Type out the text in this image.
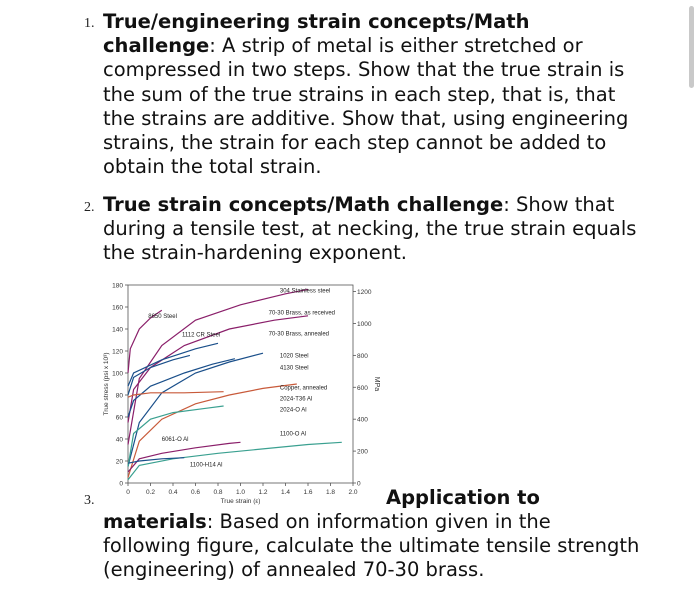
1. True/engineering strain concepts/Math challenge: A strip of metal is either stretched or compressed in two steps. Show that the true strain is the sum of the true strains in each step, that is, that the strains are additive. Show that, using engineering strains, the strain for each step cannot be added to obtain the total strain.

2. True strain concepts/Math challenge: Show that during a tensile test, at necking, the true strain equals the strain-hardening exponent.

304 Stainless steel
70-30 Brass, as received
8650 Steel
1112 CR Steel	70-30 Brass, annealed
1020 Steel
4130 Steel
Copper, annealed
2024-T36 Al
2024-O Al
1100-O Al
6061-O Al
1100-H14 Al
0
20
40
60
80
100
120
140
160
180
0 0.2 0.4 0.6 0.8 1.0 1.2 1.4 1.6 1.8 2.0
0
200
400
600
800
1000
1200
True strain (ε)
True stress (psi x 10³)	MPa
3.	Application to

materials: Based on information given in the following figure, calculate the ultimate tensile strength (engineering) of annealed 70-30 brass.
